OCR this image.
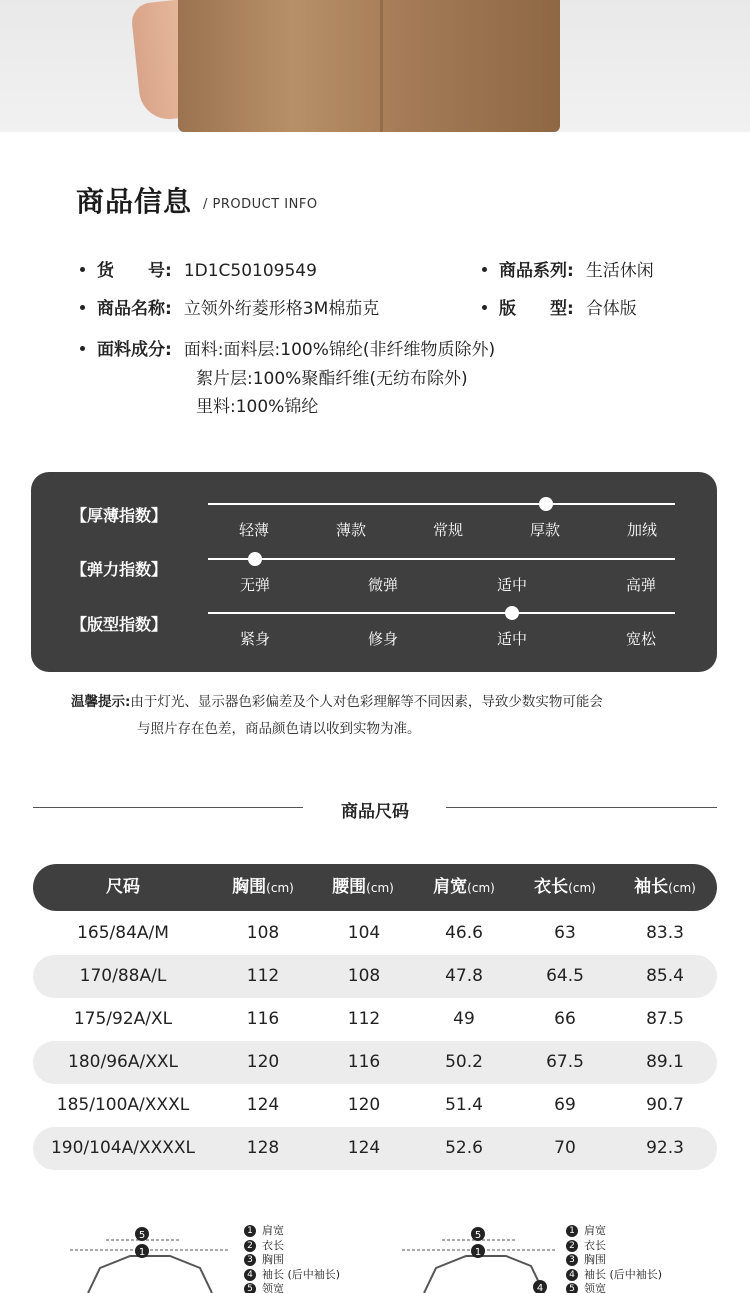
商品信息 / PRODUCT INFO
货　　号: 1D1C50109549	商品系列: 生活休闲
商品名称: 立领外绗菱形格3M棉茄克	版　　型: 合体版
面料成分: 面料:面料层:100%锦纶(非纤维物质除外)
絮片层:100%聚酯纤维(无纺布除外)
里料:100%锦纶
【厚薄指数】
轻薄	薄款	常规	厚款	加绒
【弹力指数】
无弹	微弹	适中	高弹
【版型指数】
紧身	修身	适中	宽松
温馨提示:由于灯光、显示器色彩偏差及个人对色彩理解等不同因素，导致少数实物可能会
与照片存在色差，商品颜色请以收到实物为准。
商品尺码
尺码	胸围(cm)	腰围(cm)	肩宽(cm)	衣长(cm)	袖长(cm)
165/84A/M	108	104	46.6	63	83.3
170/88A/L	112	108	47.8	64.5	85.4
175/92A/XL	116	112	49	66	87.5
180/96A/XXL	120	116	50.2	67.5	89.1
185/100A/XXXL	124	120	51.4	69	90.7
190/104A/XXXXL	128	124	52.6	70	92.3
5
1
1 肩宽
2 衣长
3 胸围
4 袖长 (后中袖长)
5 领宽
5
1
4
1 肩宽
2 衣长
3 胸围
4 袖长 (后中袖长)
5 领宽
